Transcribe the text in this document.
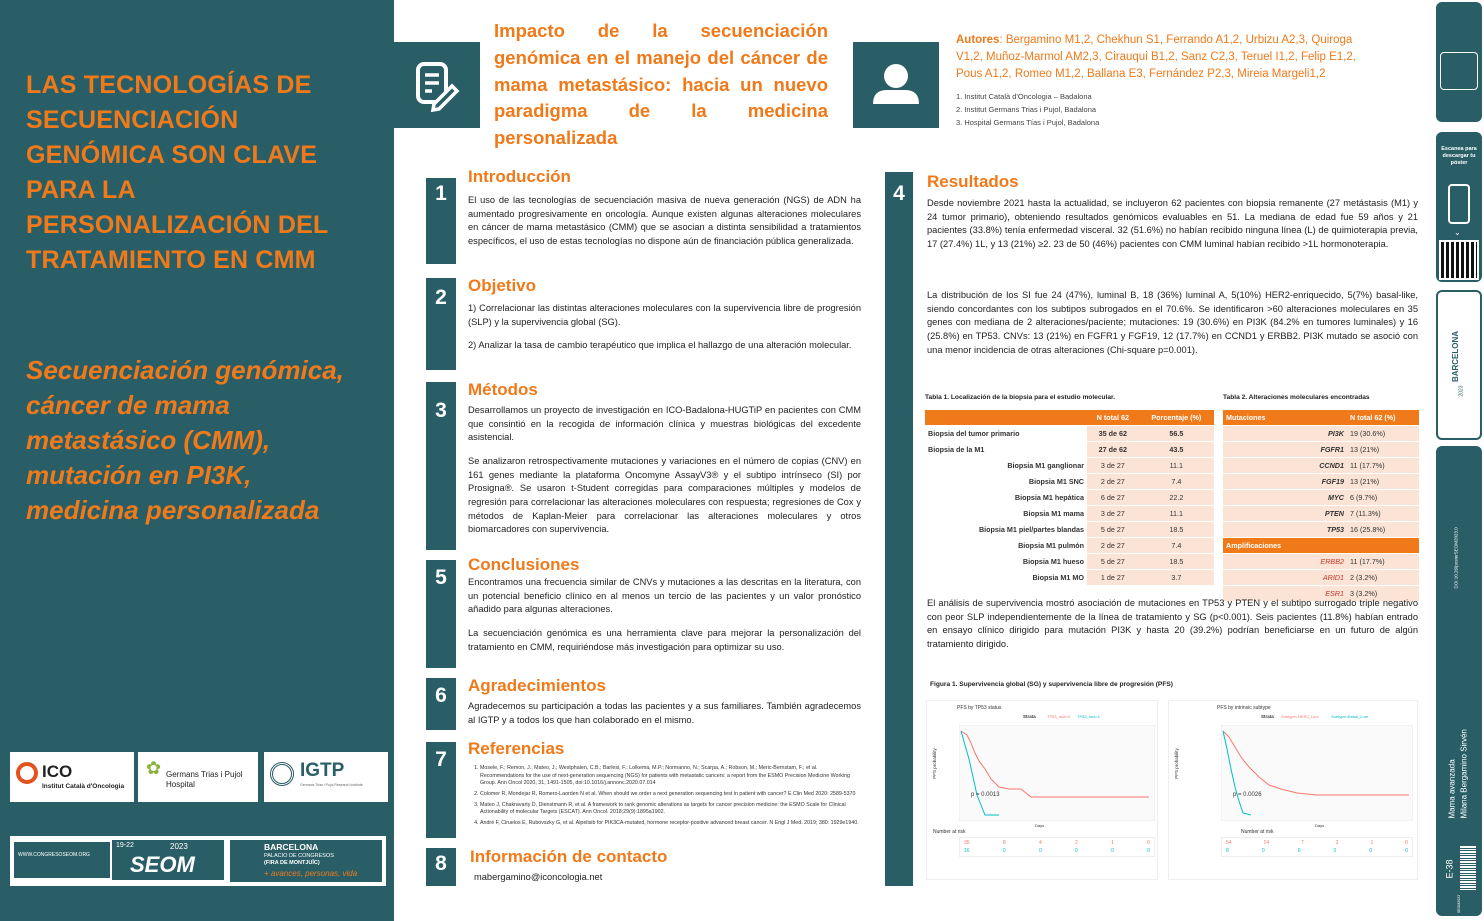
LAS TECNOLOGÍAS DE SECUENCIACIÓN GENÓMICA SON CLAVE PARA LA PERSONALIZACIÓN DEL TRATAMIENTO EN CMM
Secuenciación genómica, cáncer de mama metastásico (CMM), mutación en PI3K, medicina personalizada
ICO
Institut Català d'Oncologia
✿ Germans Trias i Pujol
Hospital
IGTP
Germans Trias i Pujol Research Institute
WWW.CONGRESOSEOM.ORG
19-22	2023
SEOM
BARCELONA
PALACIO DE CONGRESOS
(FIRA DE MONTJUÏC)
+ avances, personas, vida
Impacto de la secuenciación genómica en el manejo del cáncer de mama metastásico: hacia un nuevo paradigma de la medicina personalizada
Autores: Bergamino M1,2, Chekhun S1, Ferrando A1,2, Urbizu A2,3, Quiroga V1,2, Muñoz-Marmol AM2,3, Cirauqui B1,2, Sanz C2,3, Teruel I1,2, Felip E1,2, Pous A1,2, Romeo M1,2, Ballana E3, Fernández P2,3, Mireia Margeli1,2
1. Institut Català d'Oncologia – Badalona
2. Institut Germans Trias i Pujol, Badalona
3. Hospital Germans Tías i Pujol, Badalona
1
Introducción
El uso de las tecnologías de secuenciación masiva de nueva generación (NGS) de ADN ha aumentado progresivamente en oncología. Aunque existen algunas alteraciones moleculares en cáncer de mama metastásico (CMM) que se asocian a distinta sensibilidad a tratamientos específicos, el uso de estas tecnologías no dispone aún de financiación pública generalizada.
2
Objetivo

1) Correlacionar las distintas alteraciones moleculares con la supervivencia libre de progresión (SLP) y la supervivencia global (SG).

2) Analizar la tasa de cambio terapéutico que implica el hallazgo de una alteración molecular.

3
Métodos

Desarrollamos un proyecto de investigación en ICO-Badalona-HUGTiP en pacientes con CMM que consintió en la recogida de información clínica y muestras biológicas del excedente asistencial.

Se analizaron retrospectivamente mutaciones y variaciones en el número de copias (CNV) en 161 genes mediante la plataforma Oncomyne AssayV3® y el subtipo intrínseco (SI) por Prosigna®. Se usaron t-Student corregidas para comparaciones múltiples y modelos de regresión para correlacionar las alteraciones moleculares con respuesta; regresiones de Cox y métodos de Kaplan-Meier para correlacionar las alteraciones moleculares y otros biomarcadores con supervivencia.

5
Conclusiones

Encontramos una frecuencia similar de CNVs y mutaciones a las descritas en la literatura, con un potencial beneficio clínico en al menos un tercio de las pacientes y un valor pronóstico añadido para algunas alteraciones.

La secuenciación genómica es una herramienta clave para mejorar la personalización del tratamiento en CMM, requiriéndose más investigación para optimizar su uso.

6	Agradecimientos
Agradecemos su participación a todas las pacientes y a sus familiares. También agradecemos al IGTP y a todos los que han colaborado en el mismo.
7	Referencias
1. Mosele, F.; Remon, J.; Mateo, J.; Westphalen, C.B.; Barlesi, F.; Lolkema, M.P.; Normanno, N.; Scarpa, A.; Robson, M.; Meric-Bernstam, F.; et al. Recommendations for the use of next-generation sequencing (NGS) for patients with metastatic cancers: a report from the ESMO Precision Medicine Working Group. Ann Oncol 2020, 31, 1491-1505, doi:10.1016/j.annonc.2020.07.014
2. Colomer R, Mondejar R, Romero-Laorden N et al. When should we order a next generation sequencing test in patient with cancer? E Clin Med 2020: 2589-5370
3. Mateo J, Chakravarty D, Dienstmann R, et al. A framework to rank genomic alterations as targets for cancer precision medicine: the ESMO Scale for Clinical Actionability of molecular Targets (ESCAT). Ann Oncol. 2018;29(9):1895a1902.
4. André F, Ciruelos E, Rubovszky G, et al. Alpelisib for PIK3CA-mutated, hormone receptor-positive advanced breast cancer. N Engl J Med. 2019; 380: 1929e1940.
8	Información de contacto
mabergamino@iconcologia.net
4
Resultados
Desde noviembre 2021 hasta la actualidad, se incluyeron 62 pacientes con biopsia remanente (27 metástasis (M1) y 24 tumor primario), obteniendo resultados genómicos evaluables en 51. La mediana de edad fue 59 años y 21 pacientes (33.8%) tenía enfermedad visceral. 32 (51.6%) no habían recibido ninguna línea (L) de quimioterapia previa, 17 (27.4%) 1L, y 13 (21%) ≥2. 23 de 50 (46%) pacientes con CMM luminal habían recibido >1L hormonoterapia.
La distribución de los SI fue 24 (47%), luminal B, 18 (36%) luminal A, 5(10%) HER2-enriquecido, 5(7%) basal-like, siendo concordantes con los subtipos subrogados en el 70.6%. Se identificaron >60 alteraciones moleculares en 35 genes con mediana de 2 alteraciones/paciente; mutaciones: 19 (30.6%) en PI3K (84.2% en tumores luminales) y 16 (25.8%) en TP53. CNVs: 13 (21%) en FGFR1 y FGF19, 12 (17.7%) en CCND1 y ERBB2. PI3K mutado se asoció con una menor incidencia de otras alteraciones (Chi-square p=0.001).
Tabla 1. Localización de la biopsia para el estudio molecular.
	N total 62	Porcentaje (%)
Biopsia del tumor primario	35 de 62	56.5
Biopsia de la M1	27 de 62	43.5
Biopsia M1 ganglionar	3 de 27	11.1
Biopsia M1 SNC	2 de 27	7.4
Biopsia M1 hepática	6 de 27	22.2
Biopsia M1 mama	3 de 27	11.1
Biopsia M1 piel/partes blandas	5 de 27	18.5
Biopsia M1 pulmón	2 de 27	7.4
Biopsia M1 hueso	5 de 27	18.5
Biopsia M1 MO	1 de 27	3.7
Tabla 2. Alteraciones moleculares encontradas
Mutaciones	N total 62 (%)
PI3K	19 (30.6%)
FGFR1	13 (21%)
CCND1	11 (17.7%)
FGF19	13 (21%)
MYC	6 (9.7%)
PTEN	7 (11.3%)
TP53	16 (25.8%)
Amplificaciones	
ERBB2	11 (17.7%)
ARID1	2 (3.2%)
ESR1	3 (3.2%)
El análisis de supervivencia mostró asociación de mutaciones en TP53 y PTEN y el subtipo surrogado triple negativo con peor SLP independientemente de la línea de tratamiento y SG (p<0.001). Seis pacientes (11.8%) habían entrado en ensayo clínico dirigido para mutación PI3K y hasta 20 (39.2%) podrían beneficiarse en un futuro de algún tratamiento dirigido.
Figura 1. Supervivencia global (SG) y supervivencia libre de progresión (PFS)
PFS by TP53 status
Strata	TP53_mut=0 TP53_mut=1
PFS probability
p = 0.0013
Days
Number at risk
35	8	4	2	1	0
16	0	0	0	0	0
PFS by intrinsic subtype
Strata Subtype=HER2_Lum	Subtype=Basal_Lum
PFS probability
p = 0.0026
Days
Number at risk
54	14	7	2	1	0
8	0	0	0	0	0
Escanea para descargar tu póster
⌄
BARCELONA
2023
DOI 10.26/posterSEOM2023.0
Mama avanzada Milana Bergamino Sirvén
E-38
SEOM2023
